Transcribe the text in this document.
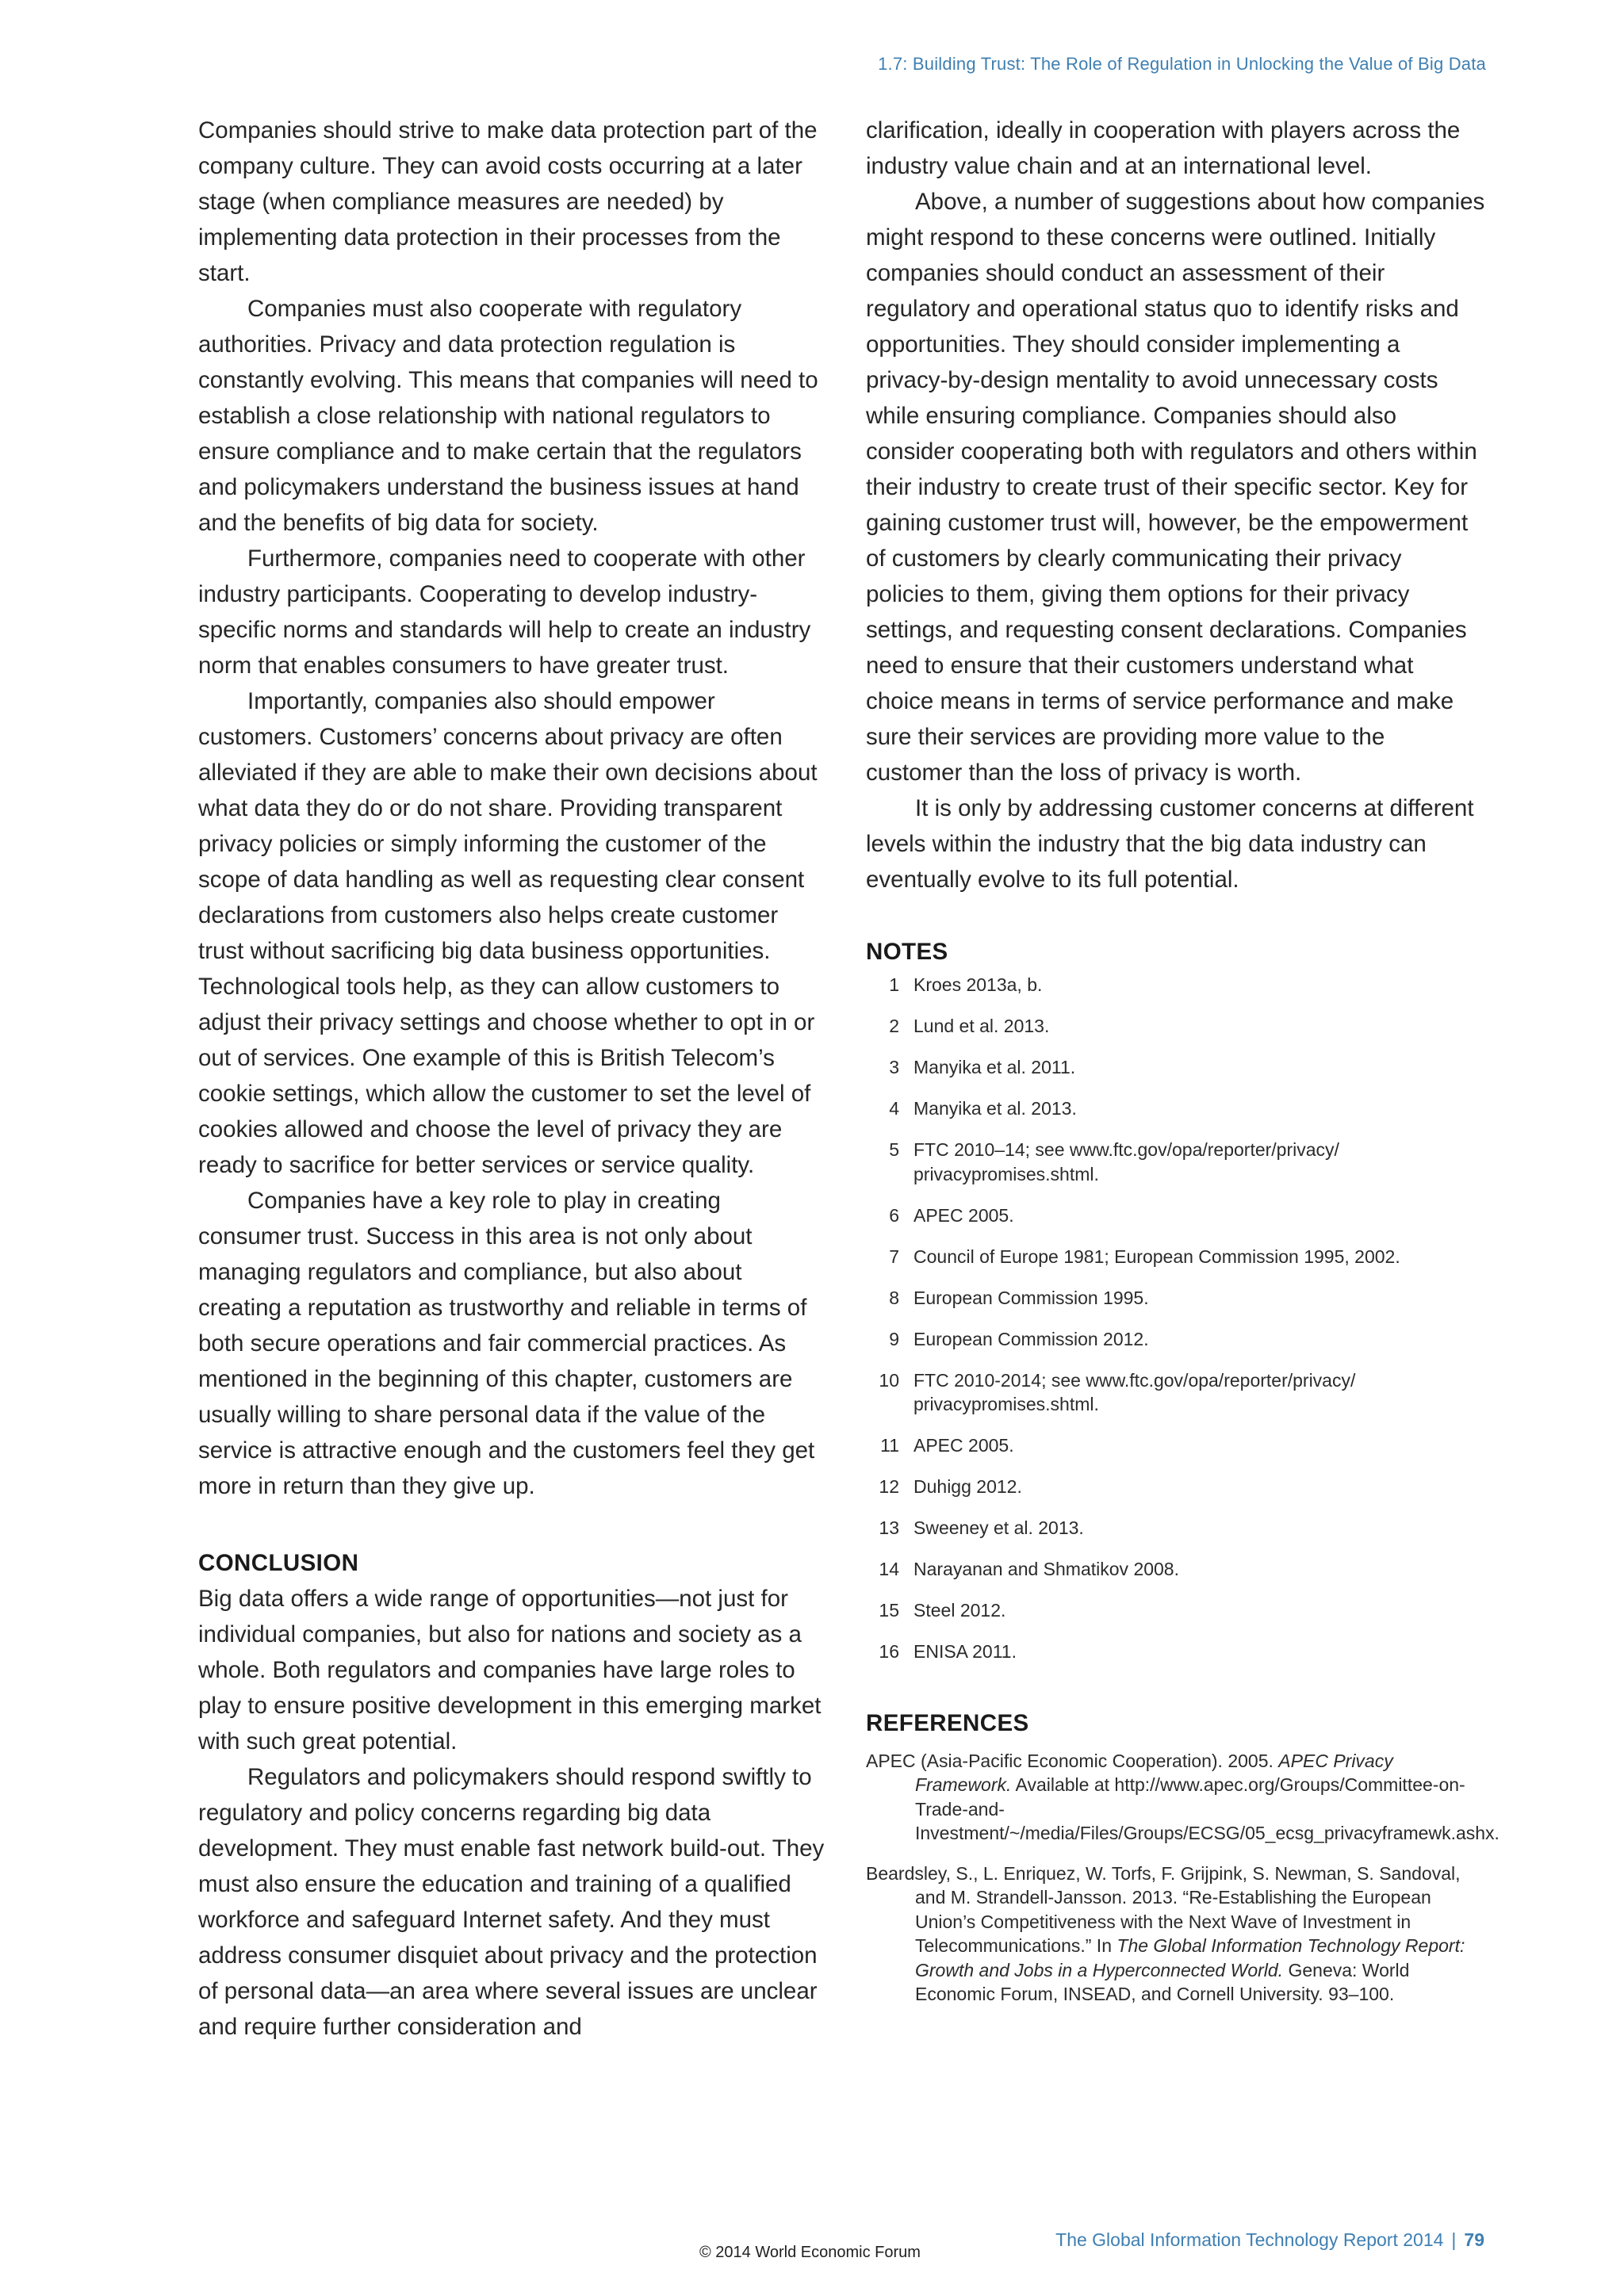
1.7: Building Trust: The Role of Regulation in Unlocking the Value of Big Data

Companies should strive to make data protection part of the company culture. They can avoid costs occurring at a later stage (when compliance measures are needed) by implementing data protection in their processes from the start.

Companies must also cooperate with regulatory authorities. Privacy and data protection regulation is constantly evolving. This means that companies will need to establish a close relationship with national regulators to ensure compliance and to make certain that the regulators and policymakers understand the business issues at hand and the benefits of big data for society.

Furthermore, companies need to cooperate with other industry participants. Cooperating to develop industry-specific norms and standards will help to create an industry norm that enables consumers to have greater trust.

Importantly, companies also should empower customers. Customers’ concerns about privacy are often alleviated if they are able to make their own decisions about what data they do or do not share. Providing transparent privacy policies or simply informing the customer of the scope of data handling as well as requesting clear consent declarations from customers also helps create customer trust without sacrificing big data business opportunities. Technological tools help, as they can allow customers to adjust their privacy settings and choose whether to opt in or out of services. One example of this is British Telecom’s cookie settings, which allow the customer to set the level of cookies allowed and choose the level of privacy they are ready to sacrifice for better services or service quality.

Companies have a key role to play in creating consumer trust. Success in this area is not only about managing regulators and compliance, but also about creating a reputation as trustworthy and reliable in terms of both secure operations and fair commercial practices. As mentioned in the beginning of this chapter, customers are usually willing to share personal data if the value of the service is attractive enough and the customers feel they get more in return than they give up.

CONCLUSION

Big data offers a wide range of opportunities—not just for individual companies, but also for nations and society as a whole. Both regulators and companies have large roles to play to ensure positive development in this emerging market with such great potential.

Regulators and policymakers should respond swiftly to regulatory and policy concerns regarding big data development. They must enable fast network build-out. They must also ensure the education and training of a qualified workforce and safeguard Internet safety. And they must address consumer disquiet about privacy and the protection of personal data—an area where several issues are unclear and require further consideration and

clarification, ideally in cooperation with players across the industry value chain and at an international level.

Above, a number of suggestions about how companies might respond to these concerns were outlined. Initially companies should conduct an assessment of their regulatory and operational status quo to identify risks and opportunities. They should consider implementing a privacy-by-design mentality to avoid unnecessary costs while ensuring compliance. Companies should also consider cooperating both with regulators and others within their industry to create trust of their specific sector. Key for gaining customer trust will, however, be the empowerment of customers by clearly communicating their privacy policies to them, giving them options for their privacy settings, and requesting consent declarations. Companies need to ensure that their customers understand what choice means in terms of service performance and make sure their services are providing more value to the customer than the loss of privacy is worth.

It is only by addressing customer concerns at different levels within the industry that the big data industry can eventually evolve to its full potential.

NOTES
1 Kroes 2013a, b.
2 Lund et al. 2013.
3 Manyika et al. 2011.
4 Manyika et al. 2013.
5 FTC 2010–14; see www.ftc.gov/opa/reporter/privacy/ privacypromises.shtml.
6 APEC 2005.
7 Council of Europe 1981; European Commission 1995, 2002.
8 European Commission 1995.
9 European Commission 2012.
10 FTC 2010-2014; see www.ftc.gov/opa/reporter/privacy/ privacypromises.shtml.
11 APEC 2005.
12 Duhigg 2012.
13 Sweeney et al. 2013.
14 Narayanan and Shmatikov 2008.
15 Steel 2012.
16 ENISA 2011.
REFERENCES
APEC (Asia-Pacific Economic Cooperation). 2005. APEC Privacy Framework. Available at http://www.apec.org/Groups/Committee-on-Trade-and-Investment/~/media/Files/Groups/ECSG/05_ecsg_privacyframewk.ashx.
Beardsley, S., L. Enriquez, W. Torfs, F. Grijpink, S. Newman, S. Sandoval, and M. Strandell-Jansson. 2013. “Re-Establishing the European Union’s Competitiveness with the Next Wave of Investment in Telecommunications.” In The Global Information Technology Report: Growth and Jobs in a Hyperconnected World. Geneva: World Economic Forum, INSEAD, and Cornell University. 93–100.
© 2014 World Economic Forum
The Global Information Technology Report 2014 | 79
